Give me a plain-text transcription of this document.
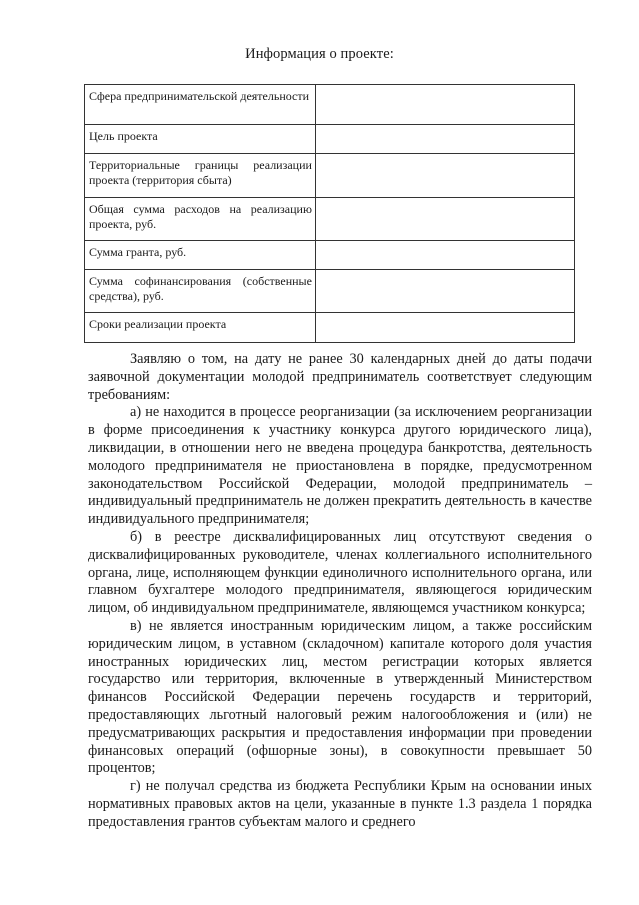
Информация о проекте:
Сфера предпринимательской деятельности	
Цель проекта	
Территориальные границы реализации проекта (территория сбыта)	
Общая сумма расходов на реализацию проекта, руб.	
Сумма гранта, руб.	
Сумма софинансирования (собственные средства), руб.	
Сроки реализации проекта	

Заявляю о том, на дату не ранее 30 календарных дней до даты подачи заявочной документации молодой предприниматель соответствует следующим требованиям:

а) не находится в процессе реорганизации (за исключением реорганизации в форме присоединения к участнику конкурса другого юридического лица), ликвидации, в отношении него не введена процедура банкротства, деятельность молодого предпринимателя не приостановлена в порядке, предусмотренном законодательством Российской Федерации, молодой предприниматель – индивидуальный предприниматель не должен прекратить деятельность в качестве индивидуального предпринимателя;

б) в реестре дисквалифицированных лиц отсутствуют сведения о дисквалифицированных руководителе, членах коллегиального исполнительного органа, лице, исполняющем функции единоличного исполнительного органа, или главном бухгалтере молодого предпринимателя, являющегося юридическим лицом, об индивидуальном предпринимателе, являющемся участником конкурса;

в) не является иностранным юридическим лицом, а также российским юридическим лицом, в уставном (складочном) капитале которого доля участия иностранных юридических лиц, местом регистрации которых является государство или территория, включенные в утвержденный Министерством финансов Российской Федерации перечень государств и территорий, предоставляющих льготный налоговый режим налогообложения и (или) не предусматривающих раскрытия и предоставления информации при проведении финансовых операций (офшорные зоны), в совокупности превышает 50 процентов;

г) не получал средства из бюджета Республики Крым на основании иных нормативных правовых актов на цели, указанные в пункте 1.3 раздела 1 порядка предоставления грантов субъектам малого и среднего
